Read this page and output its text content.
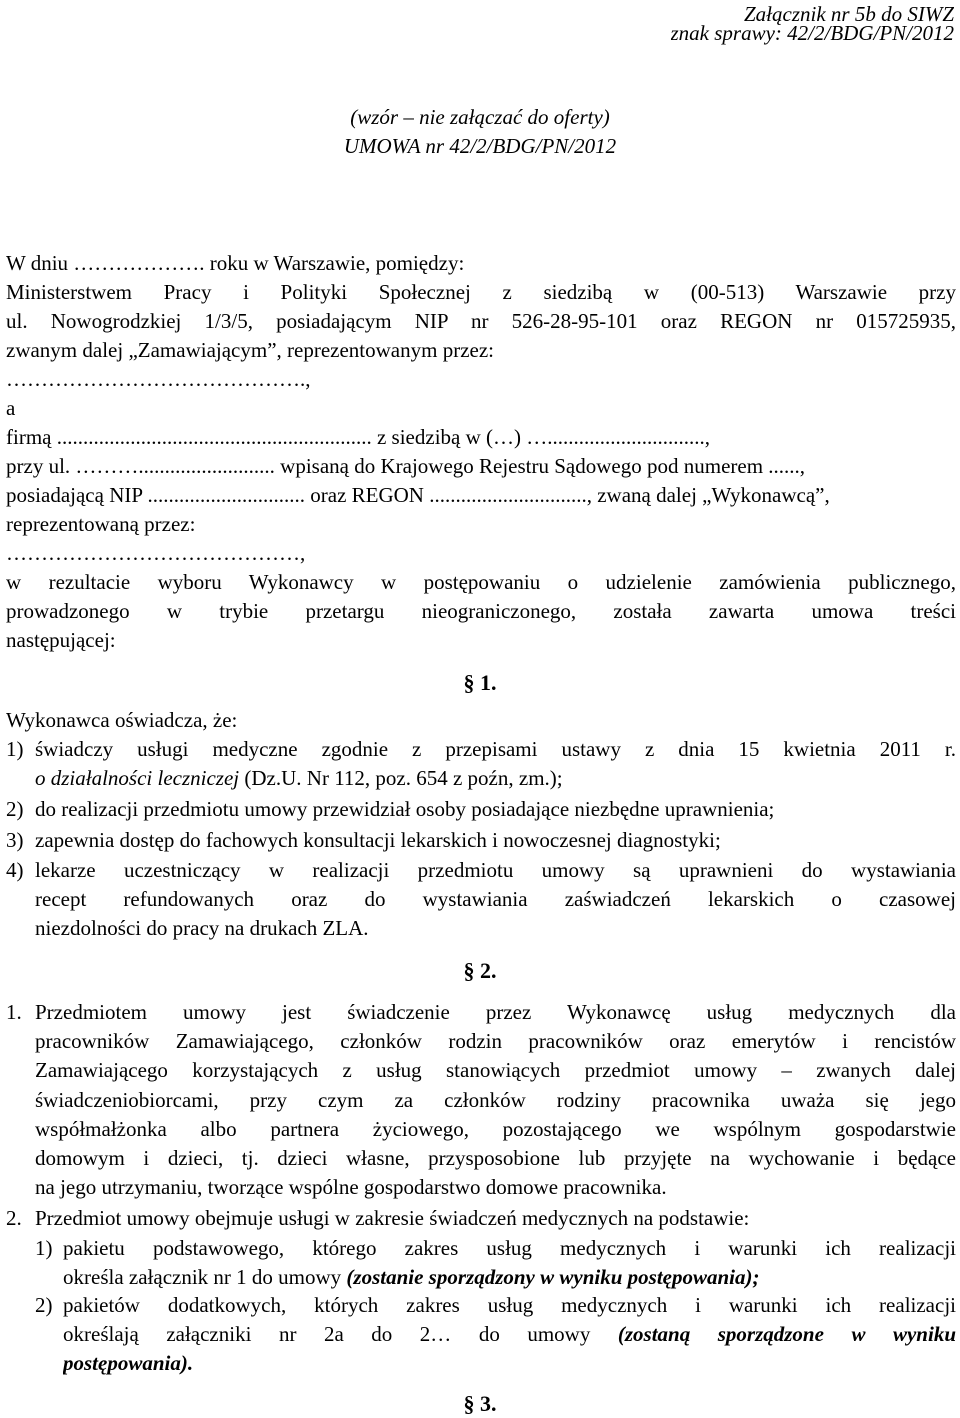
Załącznik nr 5b do SIWZ
znak sprawy: 42/2/BDG/PN/2012
(wzór – nie załączać do oferty)
UMOWA nr 42/2/BDG/PN/2012
W dniu ………………. roku w Warszawie, pomiędzy:
Ministerstwem Pracy i Polityki Społecznej z siedzibą w (00-513) Warszawie przy
ul. Nowogrodzkiej 1/3/5, posiadającym NIP nr 526-28-95-101 oraz REGON nr 015725935,
zwanym dalej „Zamawiającym”, reprezentowanym przez:
…………………………………….,
a
firmą ............................................................ z siedzibą w (…) …..............................,
przy ul. ……….......................... wpisaną do Krajowego Rejestru Sądowego pod numerem ......,
posiadającą NIP .............................. oraz REGON .............................., zwaną dalej „Wykonawcą”,
reprezentowaną przez:
……………………………………,
w rezultacie wyboru Wykonawcy w postępowaniu o udzielenie zamówienia publicznego,
prowadzonego w trybie przetargu nieograniczonego, została zawarta umowa treści
następującej:
§ 1.
Wykonawca oświadcza, że:
1) świadczy usługi medyczne zgodnie z przepisami ustawy z dnia 15 kwietnia 2011 r.
o działalności leczniczej (Dz.U. Nr 112, poz. 654 z poźn, zm.);
2) do realizacji przedmiotu umowy przewidział osoby posiadające niezbędne uprawnienia;
3) zapewnia dostęp do fachowych konsultacji lekarskich i nowoczesnej diagnostyki;
4) lekarze uczestniczący w realizacji przedmiotu umowy są uprawnieni do wystawiania
recept refundowanych oraz do wystawiania zaświadczeń lekarskich o czasowej
niezdolności do pracy na drukach ZLA.
§ 2.
1. Przedmiotem umowy jest świadczenie przez Wykonawcę usług medycznych dla
pracowników Zamawiającego, członków rodzin pracowników oraz emerytów i rencistów
Zamawiającego korzystających z usług stanowiących przedmiot umowy – zwanych dalej
świadczeniobiorcami, przy czym za członków rodziny pracownika uważa się jego
współmałżonka albo partnera życiowego, pozostającego we wspólnym gospodarstwie
domowym i dzieci, tj. dzieci własne, przysposobione lub przyjęte na wychowanie i będące
na jego utrzymaniu, tworzące wspólne gospodarstwo domowe pracownika.
2. Przedmiot umowy obejmuje usługi w zakresie świadczeń medycznych na podstawie:
1) pakietu podstawowego, którego zakres usług medycznych i warunki ich realizacji
określa załącznik nr 1 do umowy (zostanie sporządzony w wyniku postępowania);
2) pakietów dodatkowych, których zakres usług medycznych i warunki ich realizacji
określają załączniki nr 2a do 2… do umowy (zostaną sporządzone w wyniku
postępowania).
§ 3.
